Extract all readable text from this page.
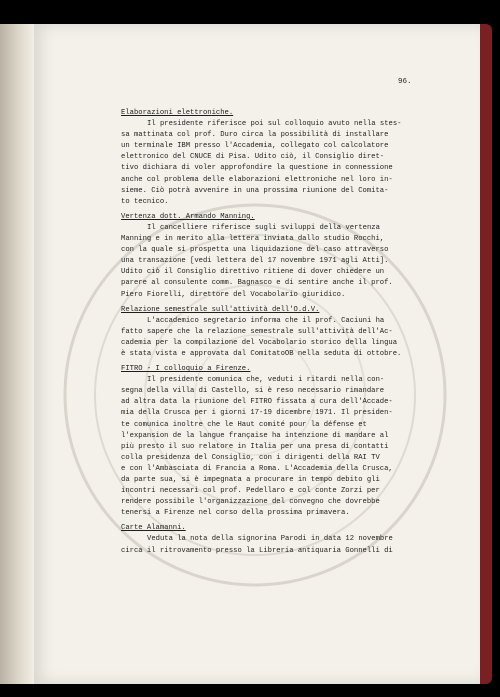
96.
Elaborazioni elettroniche.

Il presidente riferisce poi sul colloquio avuto nella stes-

sa mattinata col prof. Duro circa la possibilità di installare

un terminale IBM presso l'Accademia, collegato col calcolatore

elettronico del CNUCE di Pisa. Udito ciò, il Consiglio diret-

tivo dichiara di voler approfondire la questione in connessione

anche col problema delle elaborazioni elettroniche nel loro in-

sieme. Ciò potrà avvenire in una prossima riunione del Comita-

to tecnico.

Vertenza dott. Armando Manning.

Il cancelliere riferisce sugli sviluppi della vertenza

Manning e in merito alla lettera inviata dallo studio Rocchi,

con la quale si prospetta una liquidazione del caso attraverso

una transazione [vedi lettera del 17 novembre 1971 agli Atti].

Udito ciò il Consiglio direttivo ritiene di dover chiedere un

parere al consulente comm. Bagnasco e di sentire anche il prof.

Piero Fiorelli, direttore del Vocabolario giuridico.

Relazione semestrale sull'attività dell'O.d.V.

L'accademico segretario informa che il prof. Caciuni ha

fatto sapere che la relazione semestrale sull'attività dell'Ac-

cademia per la compilazione del Vocabolario storico della lingua

è stata vista e approvata dal ComitatoOB nella seduta di ottobre.

FITRO - I colloquio a Firenze.

Il presidente comunica che, veduti i ritardi nella con-

segna della villa di Castello, si è reso necessario rimandare

ad altra data la riunione del FITRO fissata a cura dell'Accade-

mia della Crusca per i giorni 17-19 dicembre 1971. Il presiden-

te comunica inoltre che le Haut comité pour la défense et

l'expansion de la langue française ha intenzione di mandare al

più presto il suo relatore in Italia per una presa di contatti

colla presidenza del Consiglio, con i dirigenti della RAI TV

e con l'Ambasciata di Francia a Roma. L'Accademia della Crusca,

da parte sua, si è impegnata a procurare in tempo debito gli

incontri necessari col prof. Pedellaro e col conte Zorzi per

rendere possibile l'organizzazione del convegno che dovrebbe

tenersi a Firenze nel corso della prossima primavera.

Carte Alamanni.

Veduta la nota della signorina Parodi in data 12 novembre

circa il ritrovamento presso la Libreria antiquaria Gonnelli di
